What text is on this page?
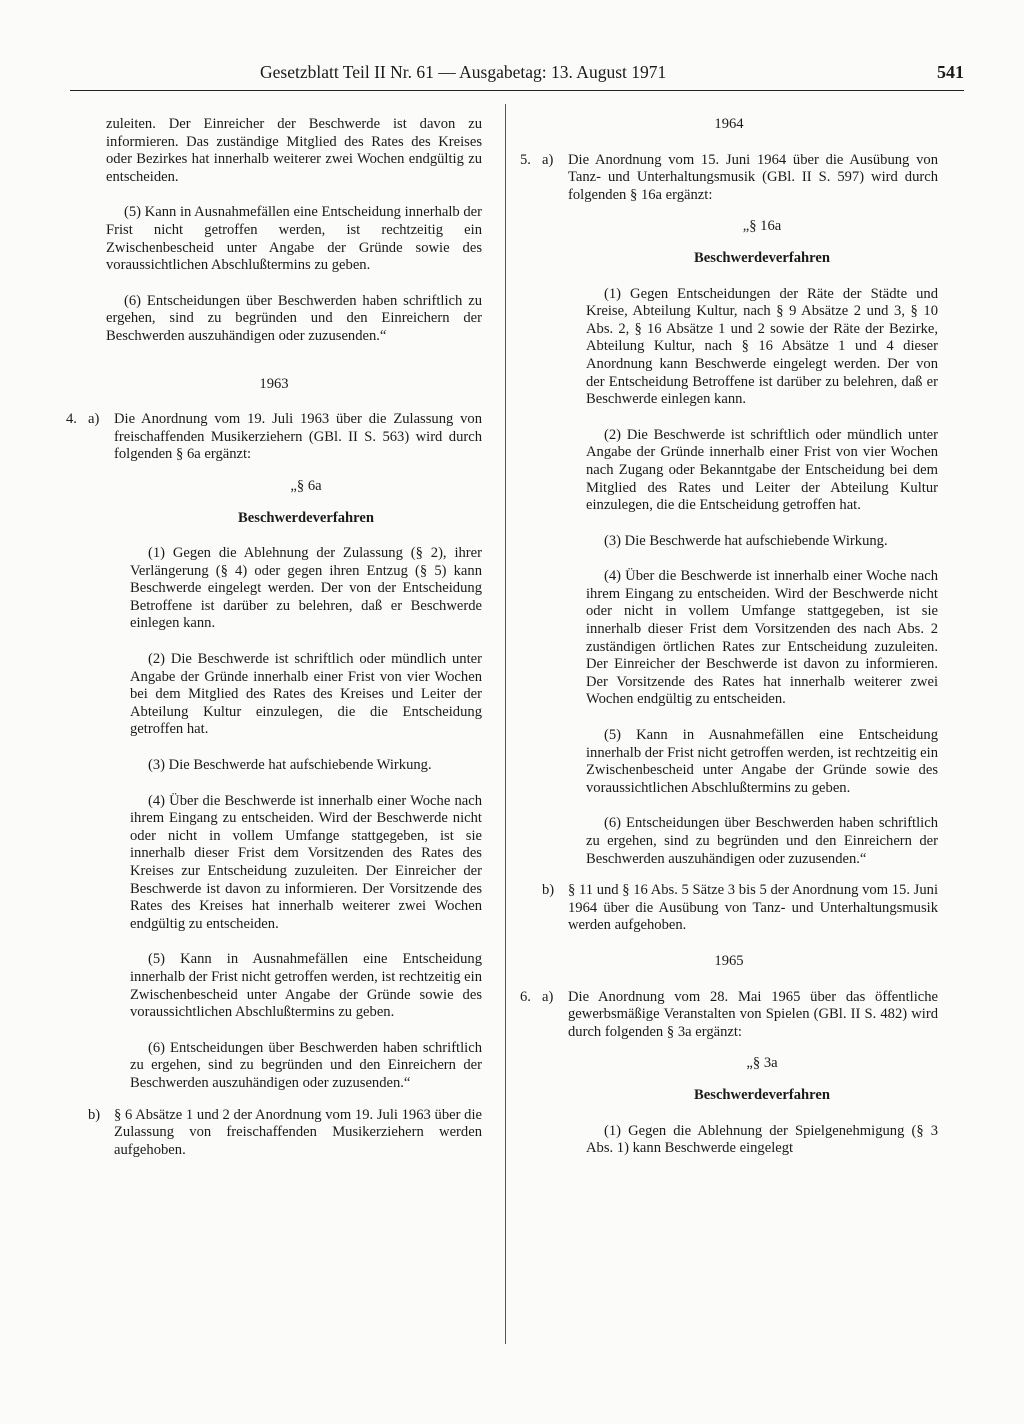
Gesetzblatt Teil II Nr. 61 — Ausgabetag: 13. August 1971	541

zuleiten. Der Einreicher der Beschwerde ist davon zu informieren. Das zuständige Mitglied des Rates des Kreises oder Bezirkes hat innerhalb weiterer zwei Wochen endgültig zu entscheiden.

(5) Kann in Ausnahmefällen eine Entscheidung innerhalb der Frist nicht getroffen werden, ist rechtzeitig ein Zwischenbescheid unter Angabe der Gründe sowie des voraussichtlichen Abschlußtermins zu geben.

(6) Entscheidungen über Beschwerden haben schriftlich zu ergehen, sind zu begründen und den Einreichern der Beschwerden auszuhändigen oder zuzusenden.“

1963

4. a)	Die Anordnung vom 19. Juli 1963 über die Zulassung von freischaffenden Musikerziehern (GBl. II S. 563) wird durch folgenden § 6a ergänzt:

„§ 6a

Beschwerdeverfahren

(1) Gegen die Ablehnung der Zulassung (§ 2), ihrer Verlängerung (§ 4) oder gegen ihren Entzug (§ 5) kann Beschwerde eingelegt werden. Der von der Entscheidung Betroffene ist darüber zu belehren, daß er Beschwerde einlegen kann.

(2) Die Beschwerde ist schriftlich oder mündlich unter Angabe der Gründe innerhalb einer Frist von vier Wochen bei dem Mitglied des Rates des Kreises und Leiter der Abteilung Kultur einzulegen, die die Entscheidung getroffen hat.

(3) Die Beschwerde hat aufschiebende Wirkung.

(4) Über die Beschwerde ist innerhalb einer Woche nach ihrem Eingang zu entscheiden. Wird der Beschwerde nicht oder nicht in vollem Umfange stattgegeben, ist sie innerhalb dieser Frist dem Vorsitzenden des Rates des Kreises zur Entscheidung zuzuleiten. Der Einreicher der Beschwerde ist davon zu informieren. Der Vorsitzende des Rates des Kreises hat innerhalb weiterer zwei Wochen endgültig zu entscheiden.

(5) Kann in Ausnahmefällen eine Entscheidung innerhalb der Frist nicht getroffen werden, ist rechtzeitig ein Zwischenbescheid unter Angabe der Gründe sowie des voraussichtlichen Abschlußtermins zu geben.

(6) Entscheidungen über Beschwerden haben schriftlich zu ergehen, sind zu begründen und den Einreichern der Beschwerden auszuhändigen oder zuzusenden.“

b) § 6 Absätze 1 und 2 der Anordnung vom 19. Juli 1963 über die Zulassung von freischaffenden Musikerziehern werden aufgehoben.

1964

5. a)	Die Anordnung vom 15. Juni 1964 über die Ausübung von Tanz- und Unterhaltungsmusik (GBl. II S. 597) wird durch folgenden § 16a ergänzt:

„§ 16a

Beschwerdeverfahren

(1) Gegen Entscheidungen der Räte der Städte und Kreise, Abteilung Kultur, nach § 9 Absätze 2 und 3, § 10 Abs. 2, § 16 Absätze 1 und 2 sowie der Räte der Bezirke, Abteilung Kultur, nach § 16 Absätze 1 und 4 dieser Anordnung kann Beschwerde eingelegt werden. Der von der Entscheidung Betroffene ist darüber zu belehren, daß er Beschwerde einlegen kann.

(2) Die Beschwerde ist schriftlich oder mündlich unter Angabe der Gründe innerhalb einer Frist von vier Wochen nach Zugang oder Bekanntgabe der Entscheidung bei dem Mitglied des Rates und Leiter der Abteilung Kultur einzulegen, die die Entscheidung getroffen hat.

(3) Die Beschwerde hat aufschiebende Wirkung.

(4) Über die Beschwerde ist innerhalb einer Woche nach ihrem Eingang zu entscheiden. Wird der Beschwerde nicht oder nicht in vollem Umfange stattgegeben, ist sie innerhalb dieser Frist dem Vorsitzenden des nach Abs. 2 zuständigen örtlichen Rates zur Entscheidung zuzuleiten. Der Einreicher der Beschwerde ist davon zu informieren. Der Vorsitzende des Rates hat innerhalb weiterer zwei Wochen endgültig zu entscheiden.

(5) Kann in Ausnahmefällen eine Entscheidung innerhalb der Frist nicht getroffen werden, ist rechtzeitig ein Zwischenbescheid unter Angabe der Gründe sowie des voraussichtlichen Abschlußtermins zu geben.

(6) Entscheidungen über Beschwerden haben schriftlich zu ergehen, sind zu begründen und den Einreichern der Beschwerden auszuhändigen oder zuzusenden.“

b) § 11 und § 16 Abs. 5 Sätze 3 bis 5 der Anordnung vom 15. Juni 1964 über die Ausübung von Tanz- und Unterhaltungsmusik werden aufgehoben.

1965

6. a)	Die Anordnung vom 28. Mai 1965 über das öffentliche gewerbsmäßige Veranstalten von Spielen (GBl. II S. 482) wird durch folgenden § 3a ergänzt:

„§ 3a

Beschwerdeverfahren

(1) Gegen die Ablehnung der Spielgenehmigung (§ 3 Abs. 1) kann Beschwerde eingelegt
